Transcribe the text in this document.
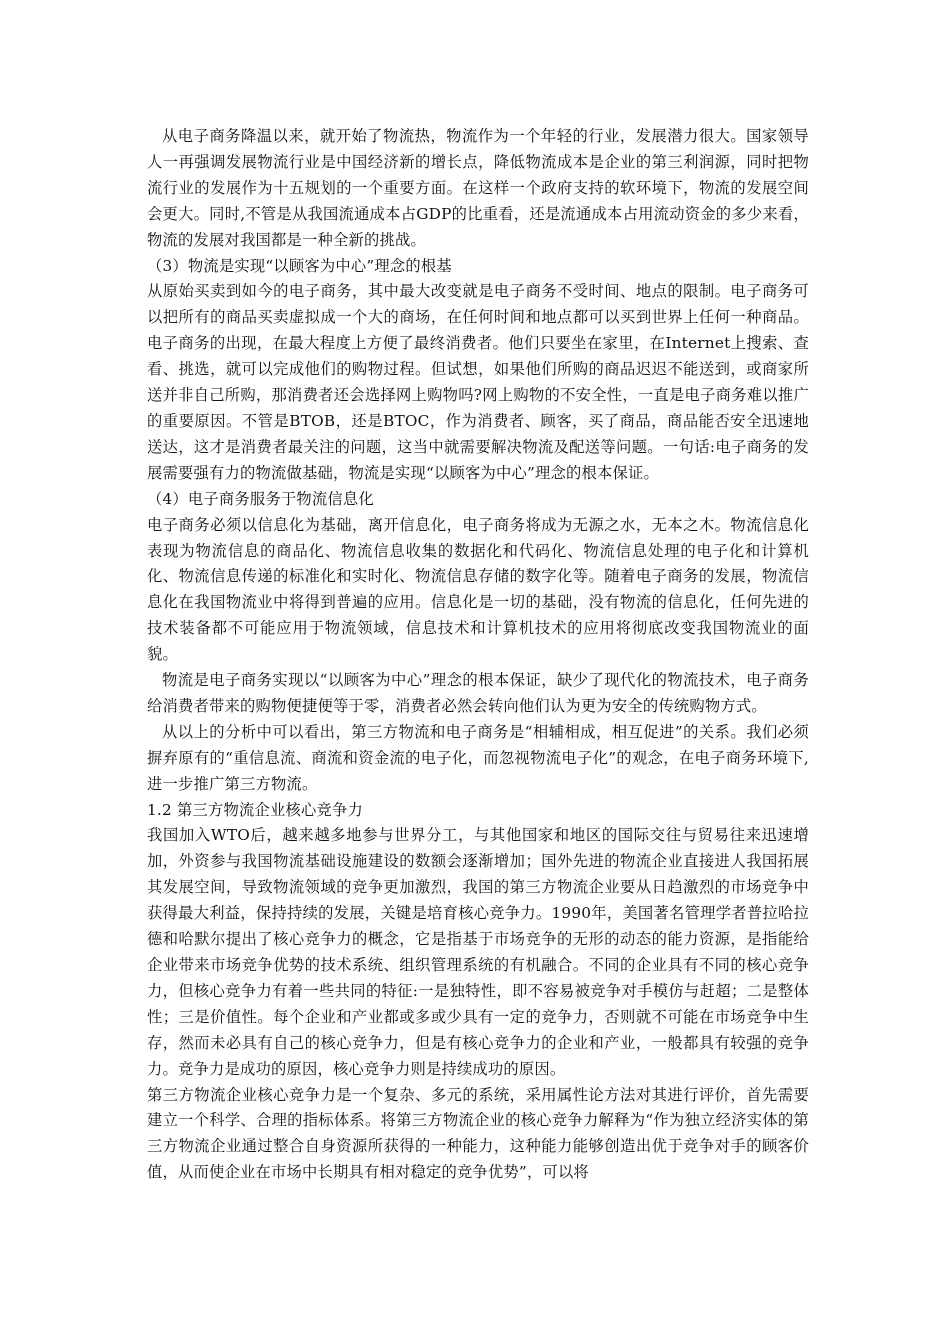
从电子商务降温以来，就开始了物流热，物流作为一个年轻的行业，发展潜力很大。国家领导人一再强调发展物流行业是中国经济新的增长点，降低物流成本是企业的第三利润源，同时把物流行业的发展作为十五规划的一个重要方面。在这样一个政府支持的软环境下，物流的发展空间会更大。同时,不管是从我国流通成本占GDP的比重看，还是流通成本占用流动资金的多少来看，物流的发展对我国都是一种全新的挑战。

（3）物流是实现“以顾客为中心”理念的根基

从原始买卖到如今的电子商务，其中最大改变就是电子商务不受时间、地点的限制。电子商务可以把所有的商品买卖虚拟成一个大的商场，在任何时间和地点都可以买到世界上任何一种商品。电子商务的出现，在最大程度上方便了最终消费者。他们只要坐在家里，在Internet上搜索、查看、挑选，就可以完成他们的购物过程。但试想，如果他们所购的商品迟迟不能送到，或商家所送并非自己所购，那消费者还会选择网上购物吗?网上购物的不安全性，一直是电子商务难以推广的重要原因。不管是BTOB，还是BTOC，作为消费者、顾客，买了商品，商品能否安全迅速地送达，这才是消费者最关注的问题，这当中就需要解决物流及配送等问题。一句话:电子商务的发展需要强有力的物流做基础，物流是实现“以顾客为中心”理念的根本保证。

（4）电子商务服务于物流信息化

电子商务必须以信息化为基础，离开信息化，电子商务将成为无源之水，无本之木。物流信息化表现为物流信息的商品化、物流信息收集的数据化和代码化、物流信息处理的电子化和计算机化、物流信息传递的标准化和实时化、物流信息存储的数字化等。随着电子商务的发展，物流信息化在我国物流业中将得到普遍的应用。信息化是一切的基础，没有物流的信息化，任何先进的技术装备都不可能应用于物流领域，信息技术和计算机技术的应用将彻底改变我国物流业的面貌。

物流是电子商务实现以“以顾客为中心”理念的根本保证，缺少了现代化的物流技术，电子商务给消费者带来的购物便捷便等于零，消费者必然会转向他们认为更为安全的传统购物方式。

从以上的分析中可以看出，第三方物流和电子商务是“相辅相成，相互促进”的关系。我们必须摒弃原有的“重信息流、商流和资金流的电子化，而忽视物流电子化”的观念，在电子商务环境下,进一步推广第三方物流。

1.2 第三方物流企业核心竞争力

我国加入WTO后，越来越多地参与世界分工，与其他国家和地区的国际交往与贸易往来迅速增加，外资参与我国物流基础设施建设的数额会逐渐增加；国外先进的物流企业直接进人我国拓展其发展空间，导致物流领域的竞争更加激烈，我国的第三方物流企业要从日趋激烈的市场竞争中获得最大利益，保持持续的发展，关键是培育核心竞争力。1990年，美国著名管理学者普拉哈拉德和哈默尔提出了核心竞争力的概念，它是指基于市场竞争的无形的动态的能力资源，是指能给企业带来市场竞争优势的技术系统、组织管理系统的有机融合。不同的企业具有不同的核心竞争力，但核心竞争力有着一些共同的特征:一是独特性，即不容易被竞争对手模仿与赶超；二是整体性；三是价值性。每个企业和产业都或多或少具有一定的竞争力，否则就不可能在市场竞争中生存，然而未必具有自己的核心竞争力，但是有核心竞争力的企业和产业，一般都具有较强的竞争力。竞争力是成功的原因，核心竞争力则是持续成功的原因。

第三方物流企业核心竞争力是一个复杂、多元的系统，采用属性论方法对其进行评价，首先需要建立一个科学、合理的指标体系。将第三方物流企业的核心竞争力解释为“作为独立经济实体的第三方物流企业通过整合自身资源所获得的一种能力，这种能力能够创造出优于竞争对手的顾客价值，从而使企业在市场中长期具有相对稳定的竞争优势”，可以将
